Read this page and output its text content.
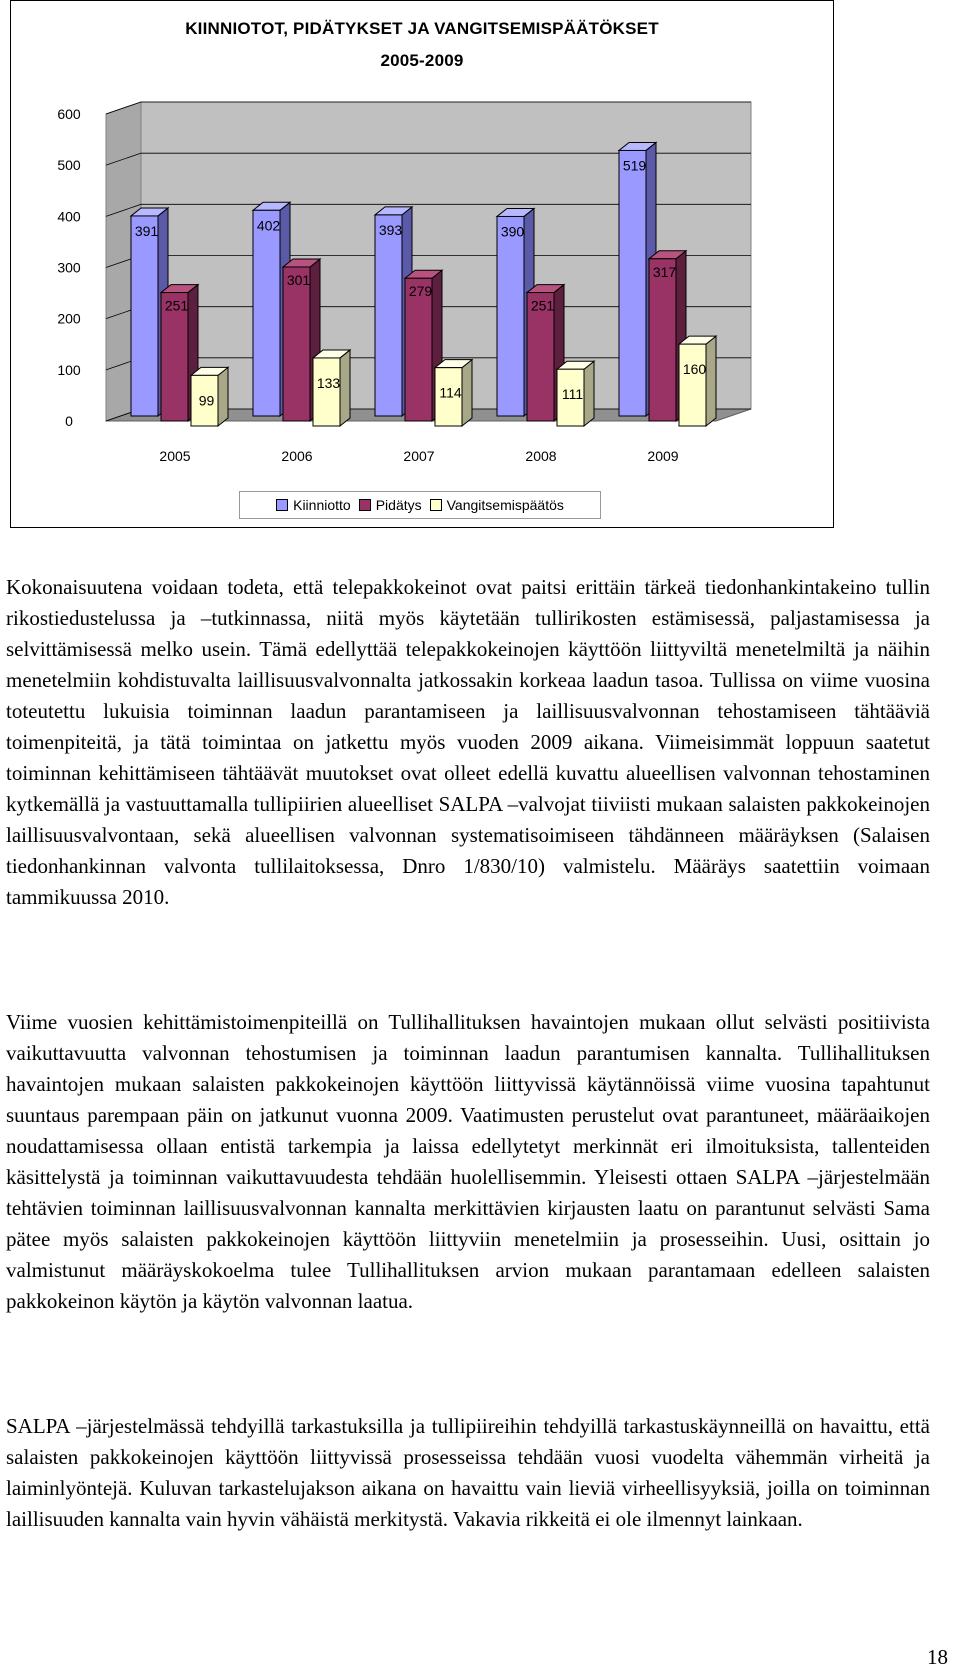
KIINNIOTOT, PIDÄTYKSET JA VANGITSEMISPÄÄTÖKSET
2005-2009
0
100
200
300
400
500
600
391
251
99
2005
402
301
133
2006
393
279
114
2007
390
251
111
2008
519
317
160
2009
Kiinniotto Pidätys Vangitsemispäätös

Kokonaisuutena voidaan todeta, että telepakkokeinot ovat paitsi erittäin tärkeä tiedonhankintakeino tullin rikostiedustelussa ja –tutkinnassa, niitä myös käytetään tullirikosten estämisessä, paljastamisessa ja selvittämisessä melko usein. Tämä edellyttää telepakkokeinojen käyttöön liittyviltä menetelmiltä ja näihin menetelmiin kohdistuvalta laillisuusvalvonnalta jatkossakin korkeaa laadun tasoa. Tullissa on viime vuosina toteutettu lukuisia toiminnan laadun parantamiseen ja laillisuusvalvonnan tehostamiseen tähtääviä toimenpiteitä, ja tätä toimintaa on jatkettu myös vuoden 2009 aikana. Viimeisimmät loppuun saatetut toiminnan kehittämiseen tähtäävät muutokset ovat olleet edellä kuvattu alueellisen valvonnan tehostaminen kytkemällä ja vastuuttamalla tullipiirien alueelliset SALPA –valvojat tiiviisti mukaan salaisten pakkokeinojen laillisuusvalvontaan, sekä alueellisen valvonnan systematisoimiseen tähdänneen määräyksen (Salaisen tiedonhankinnan valvonta tullilaitoksessa, Dnro 1/830/10) valmistelu. Määräys saatettiin voimaan tammikuussa 2010.

Viime vuosien kehittämistoimenpiteillä on Tullihallituksen havaintojen mukaan ollut selvästi positiivista vaikuttavuutta valvonnan tehostumisen ja toiminnan laadun parantumisen kannalta. Tullihallituksen havaintojen mukaan salaisten pakkokeinojen käyttöön liittyvissä käytännöissä viime vuosina tapahtunut suuntaus parempaan päin on jatkunut vuonna 2009. Vaatimusten perustelut ovat parantuneet, määräaikojen noudattamisessa ollaan entistä tarkempia ja laissa edellytetyt merkinnät eri ilmoituksista, tallenteiden käsittelystä ja toiminnan vaikuttavuudesta tehdään huolellisemmin. Yleisesti ottaen SALPA –järjestelmään tehtävien toiminnan laillisuusvalvonnan kannalta merkittävien kirjausten laatu on parantunut selvästi Sama pätee myös salaisten pakkokeinojen käyttöön liittyviin menetelmiin ja prosesseihin. Uusi, osittain jo valmistunut määräyskokoelma tulee Tullihallituksen arvion mukaan parantamaan edelleen salaisten pakkokeinon käytön ja käytön valvonnan laatua.

SALPA –järjestelmässä tehdyillä tarkastuksilla ja tullipiireihin tehdyillä tarkastuskäynneillä on havaittu, että salaisten pakkokeinojen käyttöön liittyvissä prosesseissa tehdään vuosi vuodelta vähemmän virheitä ja laiminlyöntejä. Kuluvan tarkastelujakson aikana on havaittu vain lieviä virheellisyyksiä, joilla on toiminnan laillisuuden kannalta vain hyvin vähäistä merkitystä. Vakavia rikkeitä ei ole ilmennyt lainkaan.

18
